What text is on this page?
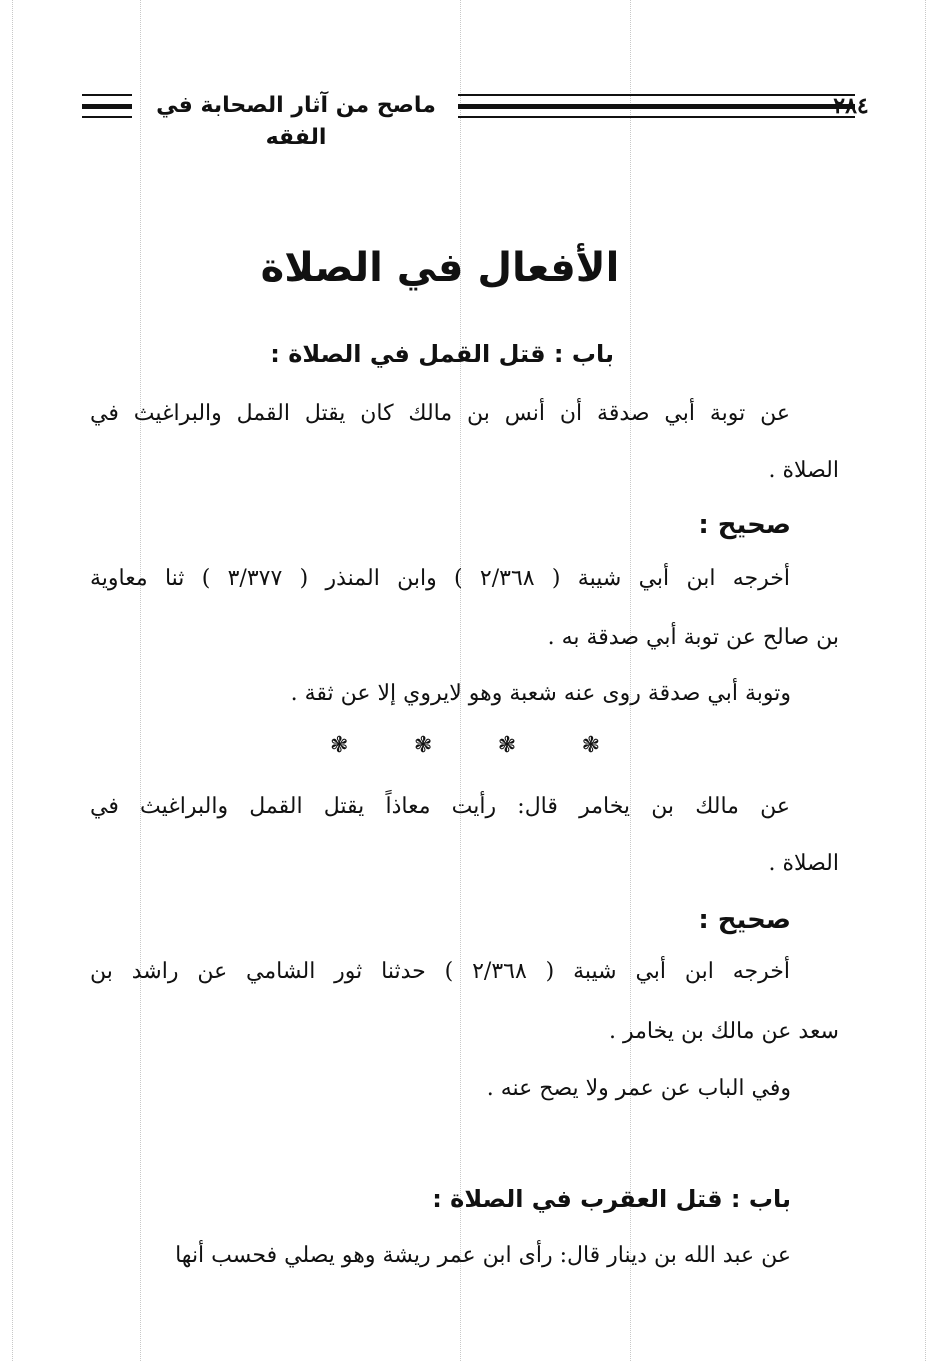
٢٨٤
ماصح من آثار الصحابة في الفقه
الأفعال في الصلاة
باب : قتل القمل في الصلاة :
عن توبة أبي صدقة أن أنس بن مالك كان يقتل القمل والبراغيث في
الصلاة .
صحيح :
أخرجه ابن أبي شيبة ( ٢/٣٦٨ ) وابن المنذر ( ٣/٣٧٧ ) ثنا معاوية
بن صالح عن توبة أبي صدقة به .
وتوبة أبي صدقة روى عنه شعبة وهو لايروي إلا عن ثقة .
❃
❃
❃
❃
عن مالك بن يخامر قال: رأيت معاذاً يقتل القمل والبراغيث في
الصلاة .
صحيح :
أخرجه ابن أبي شيبة ( ٢/٣٦٨ ) حدثنا ثور الشامي عن راشد بن
سعد عن مالك بن يخامر .
وفي الباب عن عمر ولا يصح عنه .
باب : قتل العقرب في الصلاة :
عن عبد الله بن دينار قال: رأى ابن عمر ريشة وهو يصلي فحسب أنها
